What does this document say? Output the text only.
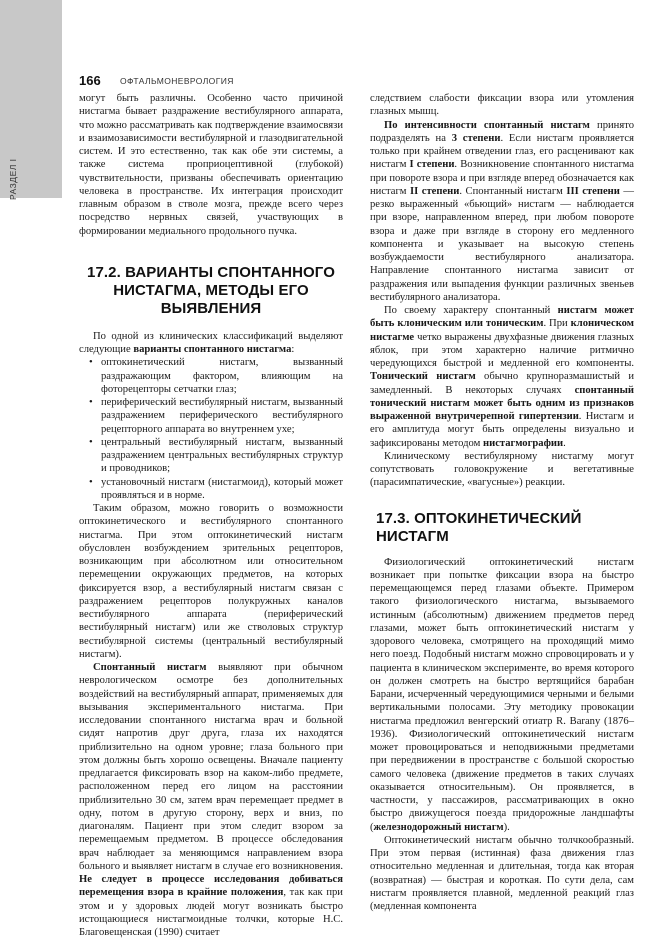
РАЗДЕЛ I
166 ОФТАЛЬМОНЕВРОЛОГИЯ

могут быть различны. Особенно часто причиной нистагма бывает раздражение вестибулярного аппарата, что можно рассматривать как подтверждение взаимосвязи и взаимозависимости вестибулярной и глазодвигательной систем. И это естественно, так как обе эти системы, а также система проприоцептивной (глубокой) чувствительности, призваны обеспечивать ориентацию человека в пространстве. Их интеграция происходит главным образом в стволе мозга, прежде всего через посредство нервных связей, участвующих в формировании медиального продольного пучка.

17.2. ВАРИАНТЫ СПОНТАННОГО НИСТАГМА, МЕТОДЫ ЕГО ВЫЯВЛЕНИЯ

По одной из клинических классификаций выделяют следующие варианты спонтанного нистагма:

• оптокинетический нистагм, вызванный раздражающим фактором, влияющим на фоторецепторы сетчатки глаз;
• периферический вестибулярный нистагм, вызванный раздражением периферического вестибулярного рецепторного аппарата во внутреннем ухе;
• центральный вестибулярный нистагм, вызванный раздражением центральных вестибулярных структур и проводников;
• установочный нистагм (нистагмоид), который может проявляться и в норме.

Таким образом, можно говорить о возможности оптокинетического и вестибулярного спонтанного нистагма. При этом оптокинетический нистагм обусловлен возбуждением зрительных рецепторов, возникающим при абсолютном или относительном перемещении окружающих предметов, на которых фиксируется взор, а вестибулярный нистагм связан с раздражением рецепторов полукружных каналов вестибулярного аппарата (периферический вестибулярный нистагм) или же стволовых структур вестибулярной системы (центральный вестибулярный нистагм).

Спонтанный нистагм выявляют при обычном неврологическом осмотре без дополнительных воздействий на вестибулярный аппарат, применяемых для вызывания экспериментального нистагма. При исследовании спонтанного нистагма врач и больной сидят напротив друг друга, глаза их находятся приблизительно на одном уровне; глаза больного при этом должны быть хорошо освещены. Вначале пациенту предлагается фиксировать взор на каком-либо предмете, расположенном перед его лицом на расстоянии приблизительно 30 см, затем врач перемещает предмет в одну, потом в другую сторону, верх и вниз, по диагоналям. Пациент при этом следит взором за перемещаемым предметом. В процессе обследования врач наблюдает за меняющимся направлением взора больного и выявляет нистагм в случае его возникновения. Не следует в процессе исследования добиваться перемещения взора в крайние положения, так как при этом и у здоровых людей могут возникать быстро истощающиеся нистагмоидные толчки, которые Н.С. Благовещенская (1990) считает

следствием слабости фиксации взора или утомления глазных мышц.

По интенсивности спонтанный нистагм принято подразделять на 3 степени. Если нистагм проявляется только при крайнем отведении глаз, его расценивают как нистагм I степени. Возникновение спонтанного нистагма при повороте взора и при взгляде вперед обозначается как нистагм II степени. Спонтанный нистагм III степени — резко выраженный «бьющий» нистагм — наблюдается при взоре, направленном вперед, при любом повороте взора и даже при взгляде в сторону его медленного компонента и указывает на высокую степень возбуждаемости вестибулярного анализатора. Направление спонтанного нистагма зависит от раздражения или выпадения функции различных звеньев вестибулярного анализатора.

По своему характеру спонтанный нистагм может быть клоническим или тоническим. При клоническом нистагме четко выражены двухфазные движения глазных яблок, при этом характерно наличие ритмично чередующихся быстрой и медленной его компоненты. Тонический нистагм обычно крупноразмашистый и замедленный. В некоторых случаях спонтанный тонический нистагм может быть одним из признаков выраженной внутричерепной гипертензии. Нистагм и его амплитуда могут быть определены визуально и зафиксированы методом нистагмографии.

Клиническому вестибулярному нистагму могут сопутствовать головокружение и вегетативные (парасимпатические, «вагусные») реакции.

17.3. ОПТОКИНЕТИЧЕСКИЙ НИСТАГМ

Физиологический оптокинетический нистагм возникает при попытке фиксации взора на быстро перемещающемся перед глазами объекте. Примером такого физиологического нистагма, вызываемого истинным (абсолютным) движением предметов перед глазами, может быть оптокинетический нистагм у здорового человека, смотрящего на проходящий мимо него поезд. Подобный нистагм можно спровоцировать и у пациента в клиническом эксперименте, во время которого он должен смотреть на быстро вертящийся барабан Барани, исчерченный чередующимися черными и белыми вертикальными полосами. Эту методику провокации нистагма предложил венгерский отиатр R. Barany (1876–1936). Физиологический оптокинетический нистагм может провоцироваться и неподвижными предметами при передвижении в пространстве с большой скоростью самого человека (движение предметов в таких случаях оказывается относительным). Он проявляется, в частности, у пассажиров, рассматривающих в окно быстро движущегося поезда придорожные ландшафты (железнодорожный нистагм).

Оптокинетический нистагм обычно толчкообразный. При этом первая (истинная) фаза движения глаз относительно медленная и длительная, тогда как вторая (возвратная) — быстрая и короткая. По сути дела, сам нистагм проявляется плавной, медленной реакций глаз (медленная компонента
